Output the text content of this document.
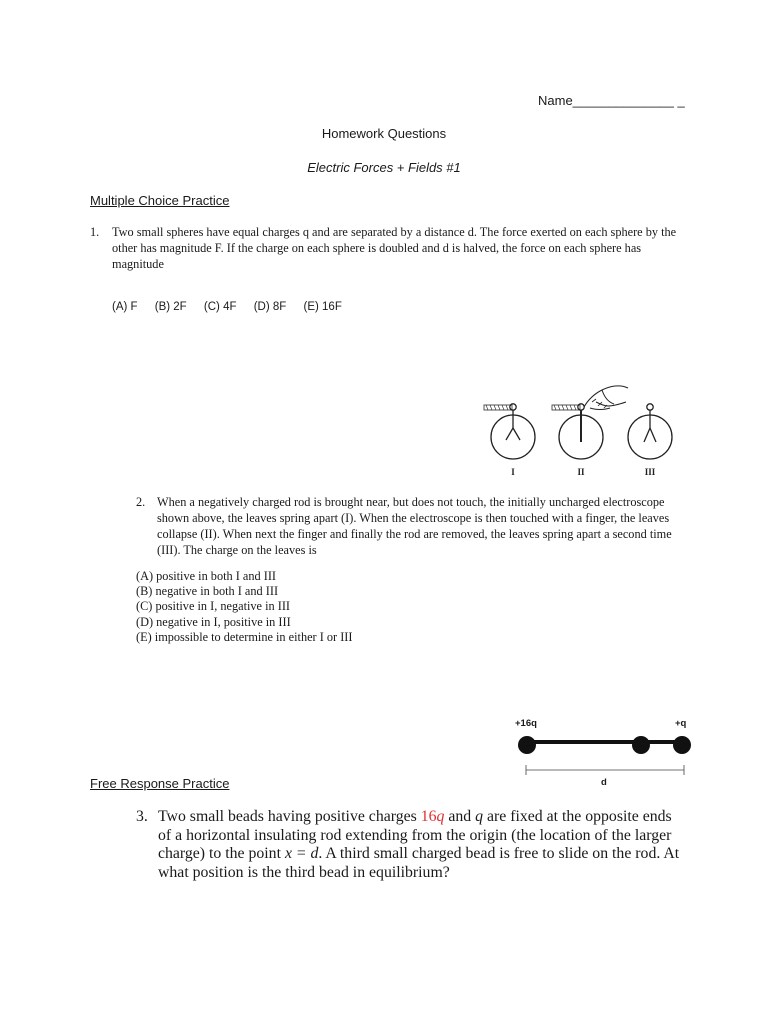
Name______________ _
Homework Questions
Electric Forces + Fields #1
Multiple Choice Practice
1. Two small spheres have equal charges q and are separated by a distance d. The force exerted on each sphere by the other has magnitude F. If the charge on each sphere is doubled and d is halved, the force on each sphere has magnitude
(A) F (B) 2F (C) 4F (D) 8F (E) 16F
I	II	III
2. When a negatively charged rod is brought near, but does not touch, the initially uncharged electroscope shown above, the leaves spring apart (I). When the electroscope is then touched with a finger, the leaves collapse (II). When next the finger and finally the rod are removed, the leaves spring apart a second time (III). The charge on the leaves is
(A) positive in both I and III
(B) negative in both I and III
(C) positive in I, negative in III
(D) negative in I, positive in III
(E) impossible to determine in either I or III
+16q	+q
d
Free Response Practice
3. Two small beads having positive charges 16q and q are fixed at the opposite ends of a horizontal insulating rod extending from the origin (the location of the larger charge) to the point x = d. A third small charged bead is free to slide on the rod. At what position is the third bead in equilibrium?
